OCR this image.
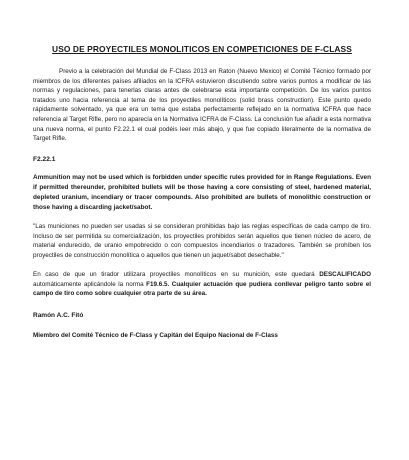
USO DE PROYECTILES MONOLITICOS EN COMPETICIONES DE F-CLASS

Previo a la celebración del Mundial de F-Class 2013 en Raton (Nuevo Mexico) el Comité Técnico formado por miembros de los diferentes países afiliados en la ICFRA estuvieron discutiendo sobre varios puntos a modificar de las normas y regulaciones, para tenerlas claras antes de celebrarse esta importante competición. De los varios puntos tratados uno hacia referencia al tema de los proyectiles monolíticos (solid brass construction). Este punto quedo rápidamente solventado, ya que era un tema que estaba perfectamente reflejado en la normativa ICFRA que hace referencia al Target Rifle, pero no aparecía en la Normativa ICFRA de F-Class. La conclusión fue añadir a esta normativa una nueva norma, el punto F2.22.1 el cual podéis leer más abajo, y que fue copiado literalmente de la normativa de Target Rifle.

F2.22.1

Ammunition may not be used which is forbidden under specific rules provided for in Range Regulations. Even if permitted thereunder, prohibited bullets will be those having a core consisting of steel, hardened material, depleted uranium, incendiary or tracer compounds. Also prohibited are bullets of monolithic construction or those having a discarding jacket/sabot.

"Las municiones no pueden ser usadas si se consideran prohibidas bajo las reglas específicas de cada campo de tiro. Incluso de ser permitida su comercialización, los proyectiles prohibidos serán aquellos que tienen núcleo de acero, de material endurecido, de uranio empobrecido o con compuestos incendiarios o trazadores. También se prohíben los proyectiles de construcción monolítica o aquellos que tienen un jaquet/sabot desechable."

En caso de que un tirador utilizara proyectiles monolíticos en su munición, este quedará DESCALIFICADO automáticamente aplicándole la norma F19.6.5. Cualquier actuación que pudiera conllevar peligro tanto sobre el campo de tiro como sobre cualquier otra parte de su área.

Ramón A.C. Fitó
Miembro del Comité Técnico de F-Class y Capitán del Equipo Nacional de F-Class
